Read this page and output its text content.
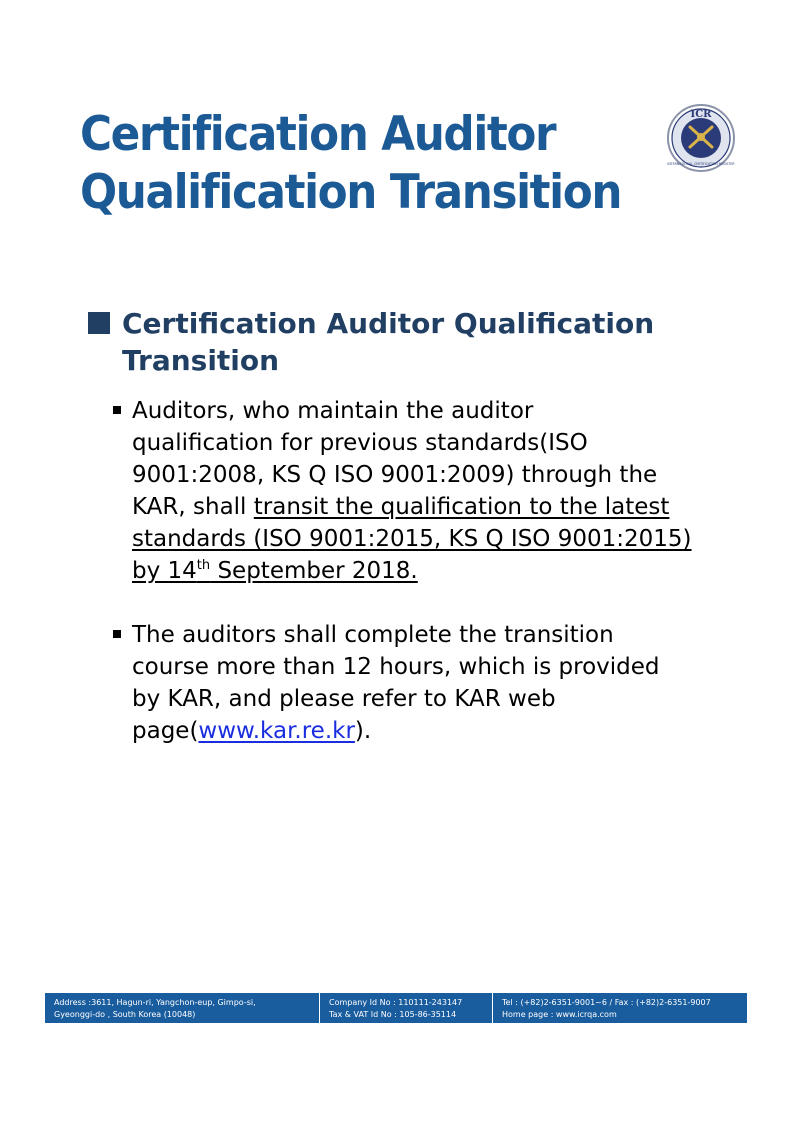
Certification Auditor
Qualification Transition
ICR
INTERNATIONAL CERTIFICATION REGISTER
Certification Auditor Qualification
Transition
Auditors, who maintain the auditor
qualification for previous standards(ISO
9001:2008, KS Q ISO 9001:2009) through the
KAR, shall transit the qualification to the latest
standards (ISO 9001:2015, KS Q ISO 9001:2015)
by 14th September 2018.
The auditors shall complete the transition
course more than 12 hours, which is provided
by KAR, and please refer to KAR web
page(www.kar.re.kr).
Address :3611, Hagun-ri, Yangchon-eup, Gimpo-si,
Gyeonggi-do , South Korea (10048)
Company Id No : 110111-243147
Tax & VAT Id No : 105-86-35114
Tel : (+82)2-6351-9001~6 / Fax : (+82)2-6351-9007
Home page : www.icrqa.com
